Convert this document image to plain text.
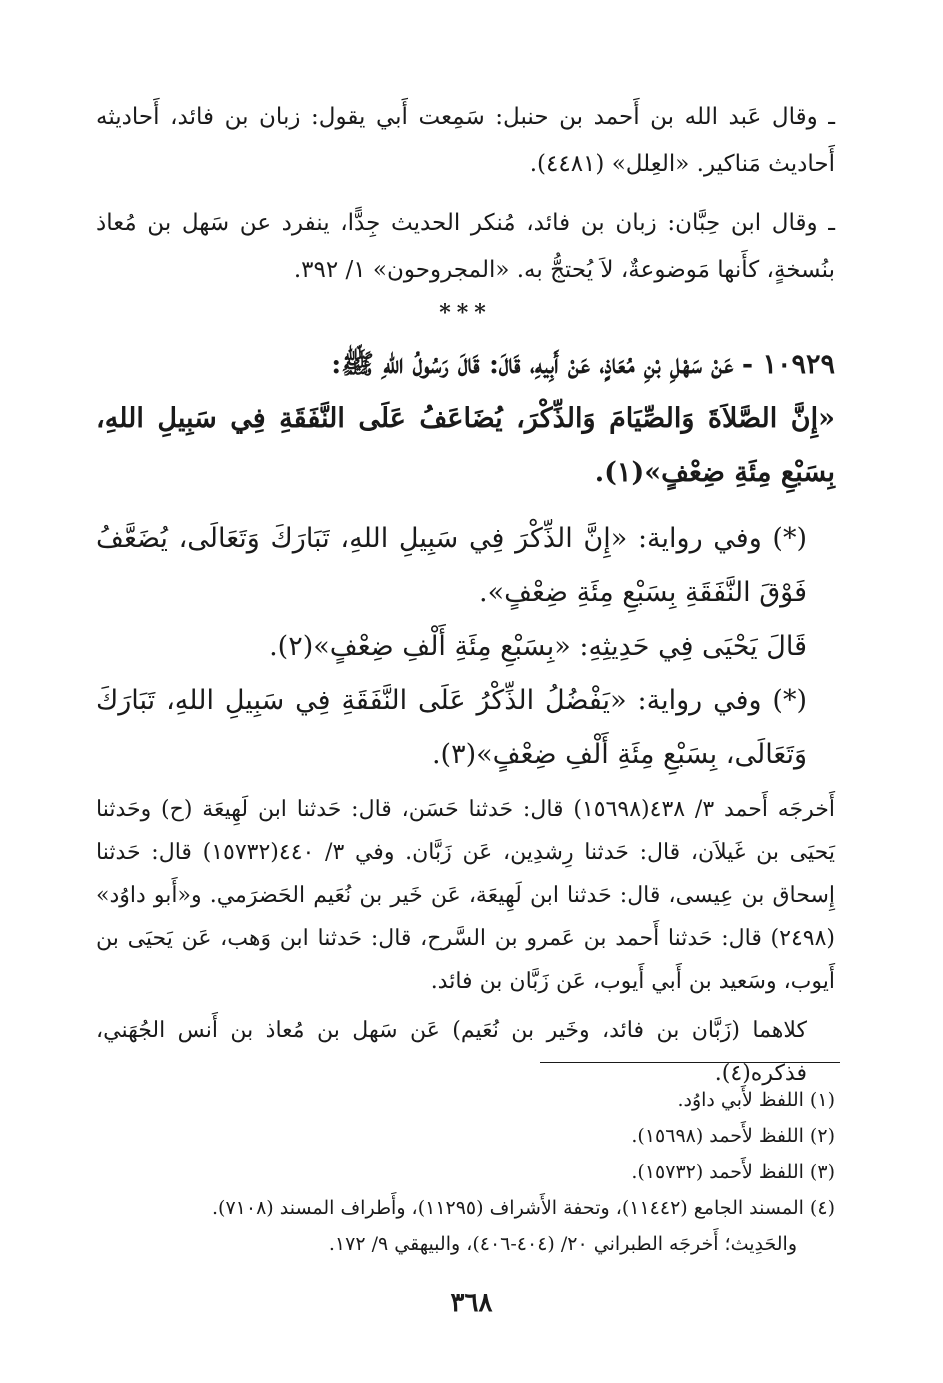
ـ وقال عَبد الله بن أَحمد بن حنبل: سَمِعت أَبي يقول: زبان بن فائد، أَحاديثه أَحاديث مَناكير. «العِلل» (٤٤٨١).

ـ وقال ابن حِبَّان: زبان بن فائد، مُنكر الحديث جِدًّا، ينفرد عن سَهل بن مُعاذ بنُسخةٍ، كأَنها مَوضوعةٌ، لاَ يُحتجُّ به. «المجروحون» ١/ ٣٩٢.

***

١٠٩٢٩ - عَنْ سَهْلِ بْنِ مُعَاذٍ، عَنْ أَبِيهِ، قَالَ: قَالَ رَسُولُ اللهِ ﷺ:

«إِنَّ الصَّلاَةَ وَالصِّيَامَ وَالذِّكْرَ، يُضَاعَفُ عَلَى النَّفَقَةِ فِي سَبِيلِ اللهِ، بِسَبْعِ مِئَةِ ضِعْفٍ»(١).

(*) وفي رواية: «إِنَّ الذِّكْرَ فِي سَبِيلِ اللهِ، تَبَارَكَ وَتَعَالَى، يُضَعَّفُ فَوْقَ النَّفَقَةِ بِسَبْعِ مِئَةِ ضِعْفٍ».

قَالَ يَحْيَى فِي حَدِيثِهِ: «بِسَبْعِ مِئَةِ أَلْفِ ضِعْفٍ»(٢).

(*) وفي رواية: «يَفْضُلُ الذِّكْرُ عَلَى النَّفَقَةِ فِي سَبِيلِ اللهِ، تَبَارَكَ وَتَعَالَى، بِسَبْعِ مِئَةِ أَلْفِ ضِعْفٍ»(٣).

أَخرجَه أَحمد ٣/ ٤٣٨(١٥٦٩٨) قال: حَدثنا حَسَن، قال: حَدثنا ابن لَهِيعَة (ح) وحَدثنا يَحيَى بن غَيلاَن، قال: حَدثنا رِشدِين، عَن زَبَّان. وفي ٣/ ٤٤٠(١٥٧٣٢) قال: حَدثنا إِسحاق بن عِيسى، قال: حَدثنا ابن لَهِيعَة، عَن خَير بن نُعَيم الحَضرَمي. و«أَبو داوُد» (٢٤٩٨) قال: حَدثنا أَحمد بن عَمرو بن السَّرح، قال: حَدثنا ابن وَهب، عَن يَحيَى بن أَيوب، وسَعيد بن أَبي أَيوب، عَن زَبَّان بن فائد.

كلاهما (زَبَّان بن فائد، وخَير بن نُعَيم) عَن سَهل بن مُعاذ بن أَنس الجُهَني، فذكره(٤).

(١) اللفظ لأَبي داوُد.

(٢) اللفظ لأَحمد (١٥٦٩٨).

(٣) اللفظ لأَحمد (١٥٧٣٢).

(٤) المسند الجامع (١١٤٤٢)، وتحفة الأَشراف (١١٢٩٥)، وأَطراف المسند (٧١٠٨).

والحَدِيث؛ أَخرجَه الطبراني ٢٠/ (٤٠٤-٤٠٦)، والبيهقي ٩/ ١٧٢.

٣٦٨
